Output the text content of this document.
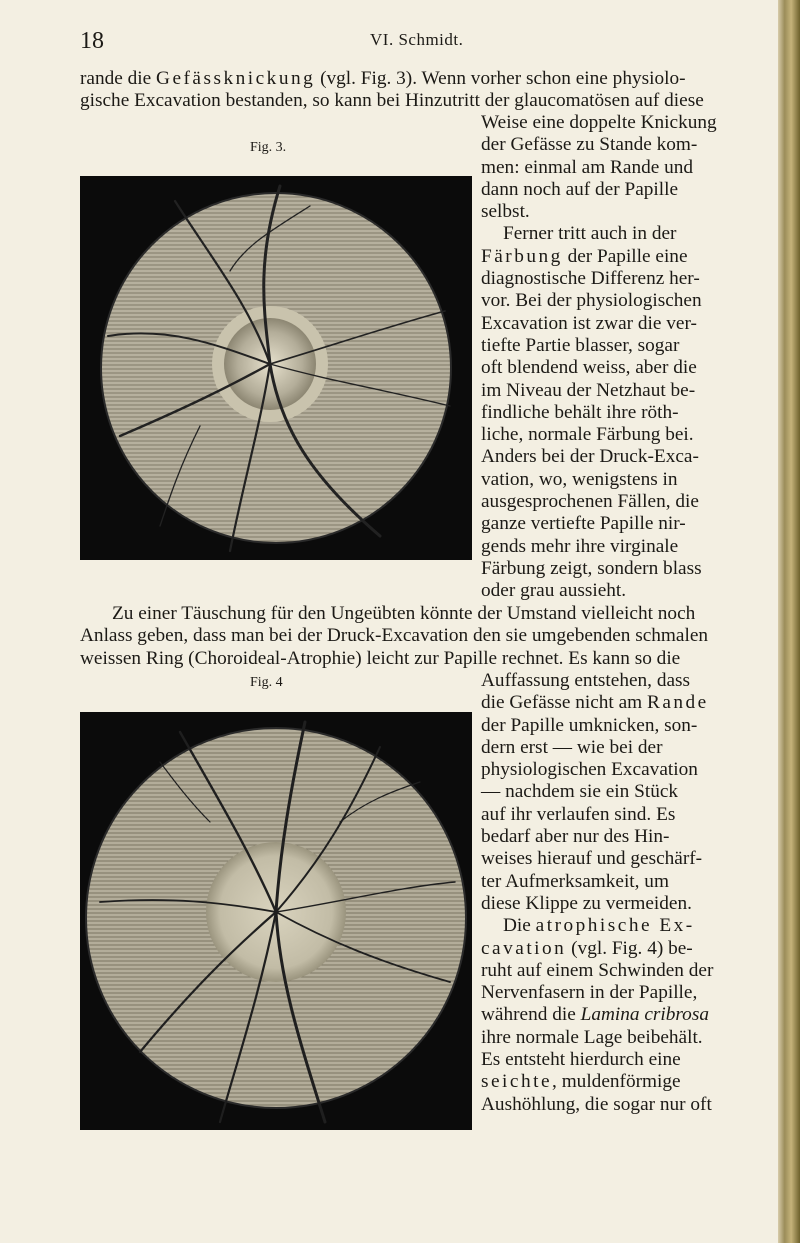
18	VI. Schmidt.
rande die Gefässknickung (vgl. Fig. 3). Wenn vorher schon eine physiolo-
gische Excavation bestanden, so kann bei Hinzutritt der glaucomatösen auf diese
Fig. 3.
Weise eine doppelte Knickung
der Gefässe zu Stande kom-
men: einmal am Rande und
dann noch auf der Papille
selbst.
Ferner tritt auch in der
Färbung der Papille eine
diagnostische Differenz her-
vor. Bei der physiologischen
Excavation ist zwar die ver-
tiefte Partie blasser, sogar
oft blendend weiss, aber die
im Niveau der Netzhaut be-
findliche behält ihre röth-
liche, normale Färbung bei.
Anders bei der Druck-Exca-
vation, wo, wenigstens in
ausgesprochenen Fällen, die
ganze vertiefte Papille nir-
gends mehr ihre virginale
Färbung zeigt, sondern blass
oder grau aussieht.
Zu einer Täuschung für den Ungeübten könnte der Umstand vielleicht noch
Anlass geben, dass man bei der Druck-Excavation den sie umgebenden schmalen
weissen Ring (Choroideal-Atrophie) leicht zur Papille rechnet. Es kann so die
Fig. 4	Auffassung entstehen, dass
die Gefässe nicht am Rande
der Papille umknicken, son-
dern erst — wie bei der
physiologischen Excavation
— nachdem sie ein Stück
auf ihr verlaufen sind. Es
bedarf aber nur des Hin-
weises hierauf und geschärf-
ter Aufmerksamkeit, um
diese Klippe zu vermeiden.
Die atrophische Ex-
cavation (vgl. Fig. 4) be-
ruht auf einem Schwinden der
Nervenfasern in der Papille,
während die Lamina cribrosa
ihre normale Lage beibehält.
Es entsteht hierdurch eine
seichte, muldenförmige
Aushöhlung, die sogar nur oft
